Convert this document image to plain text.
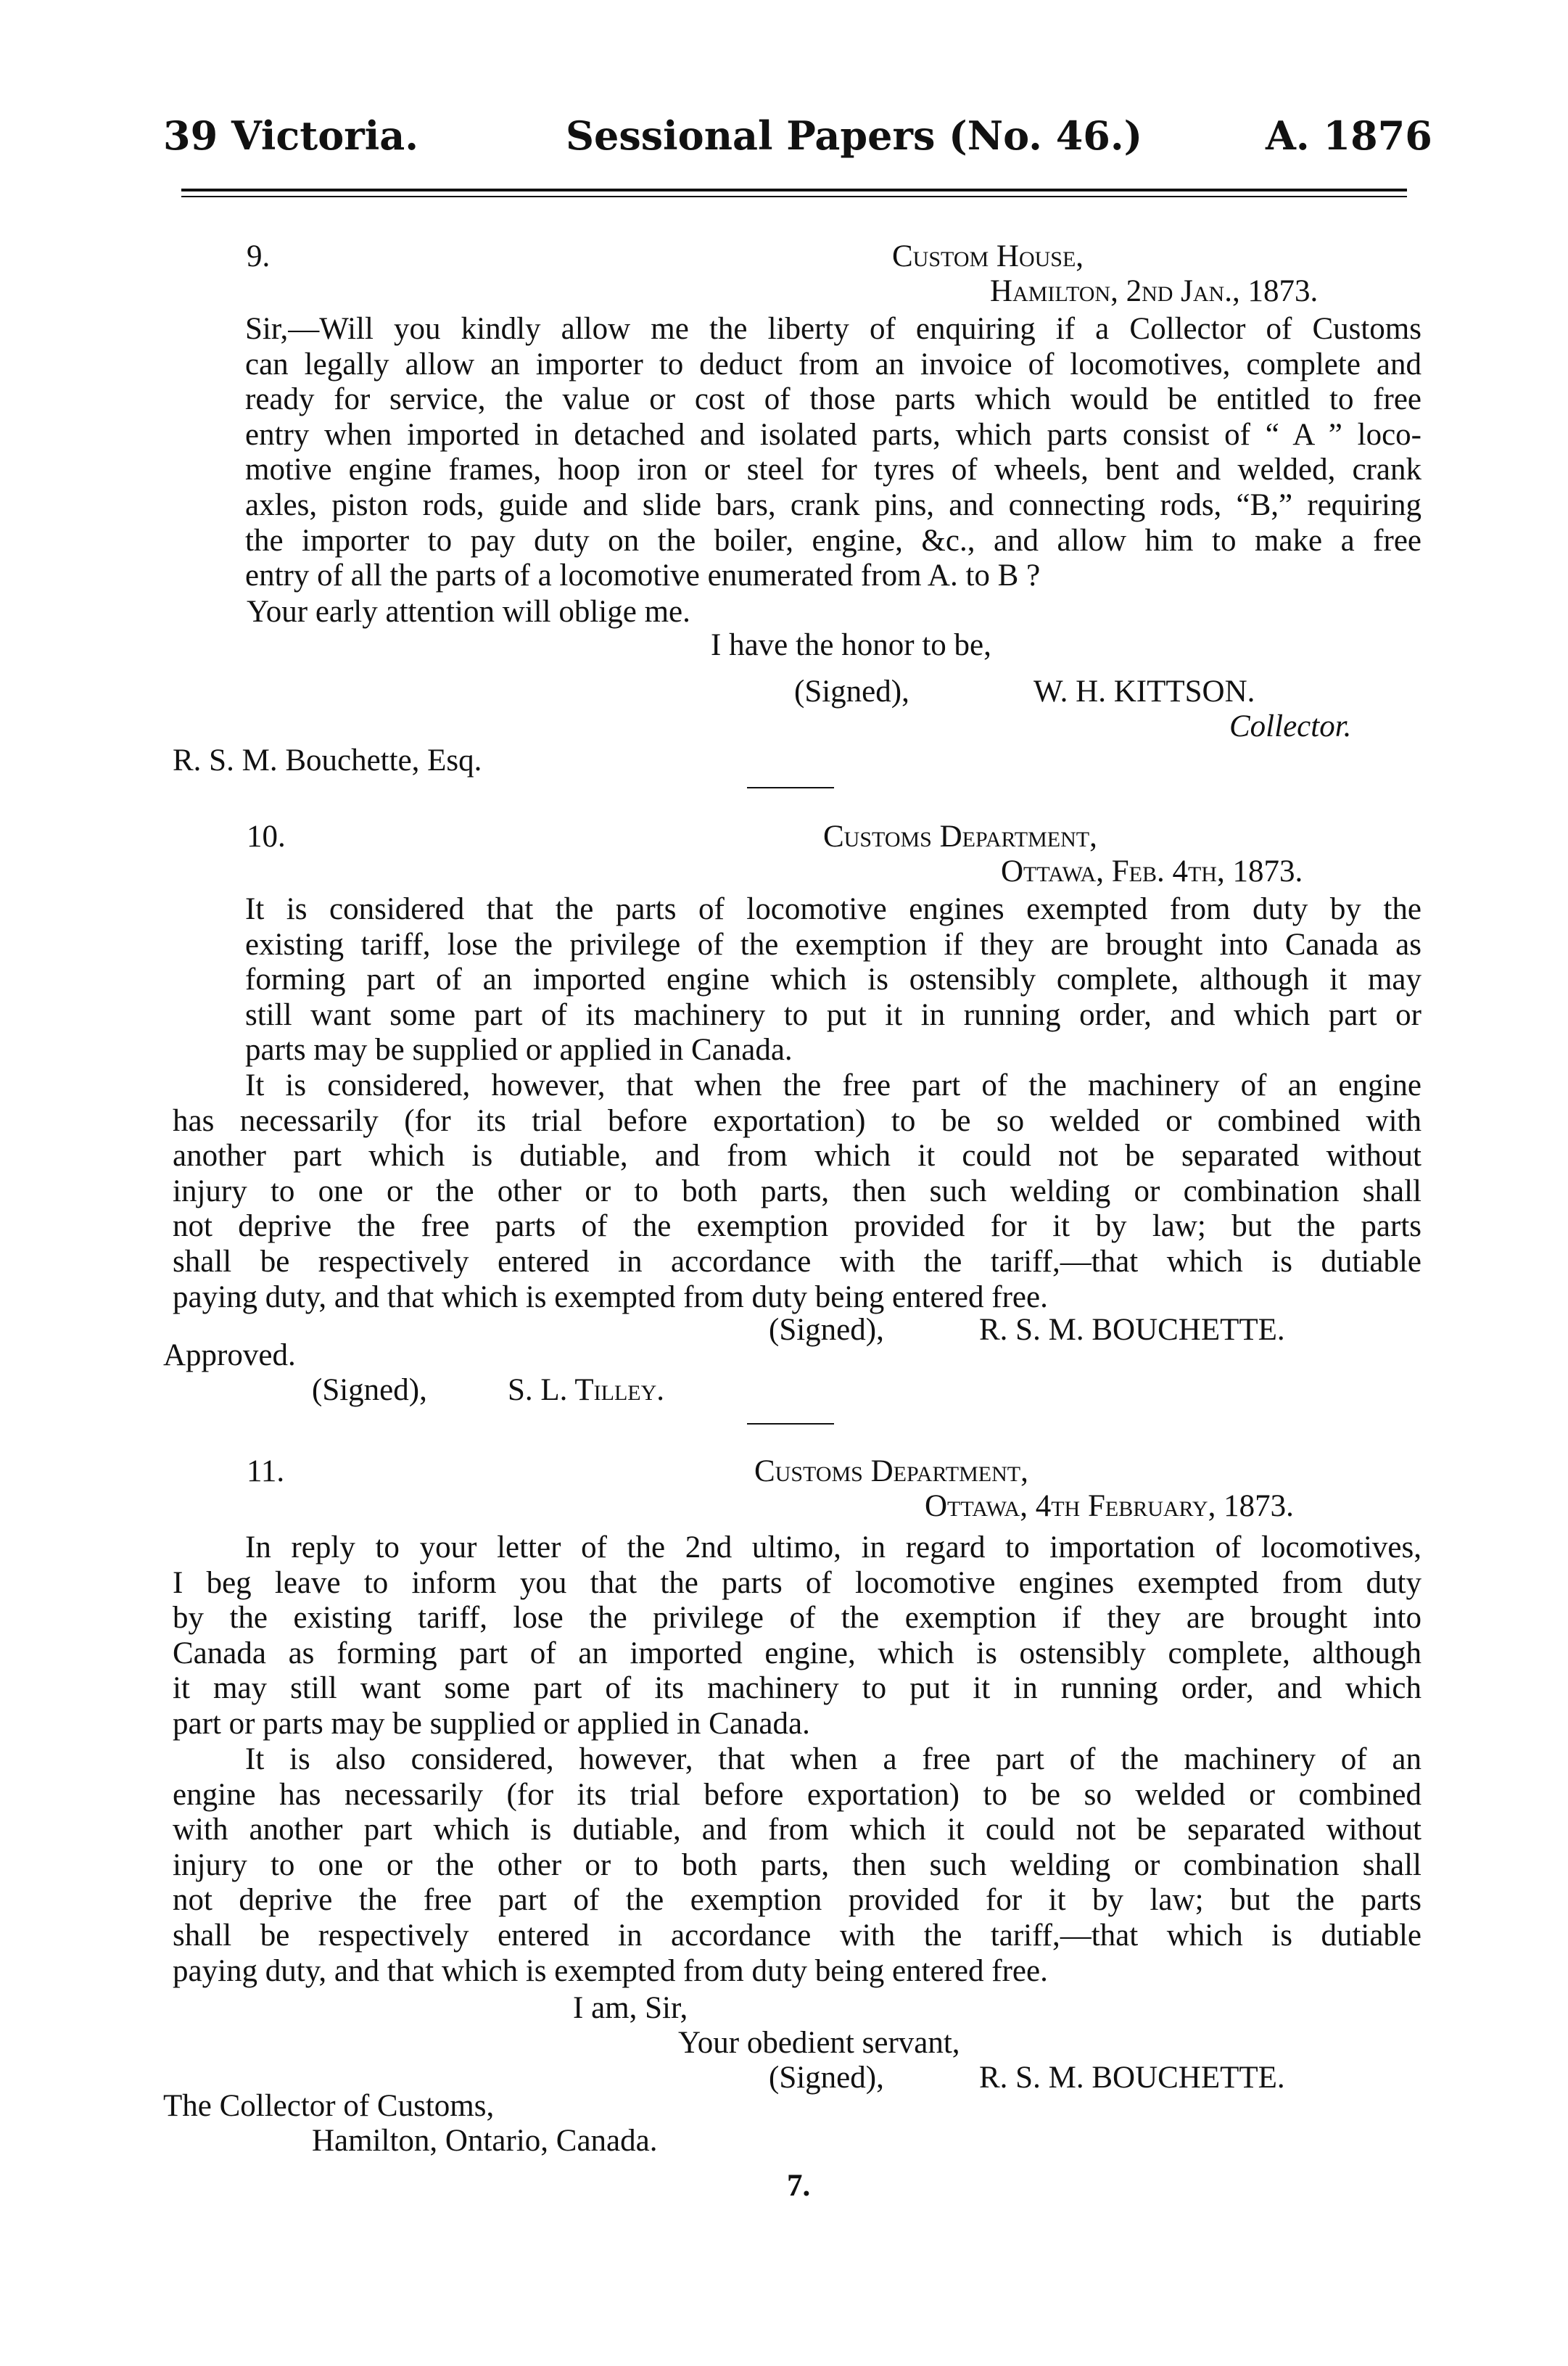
39 Victoria.	Sessional Papers (No. 46.)	A. 1876
9.	Custom House,
Hamilton, 2nd Jan., 1873.
Sir,—Will you kindly allow me the liberty of enquiring if a Collector of Customs
can legally allow an importer to deduct from an invoice of locomotives, complete and
ready for service, the value or cost of those parts which would be entitled to free
entry when imported in detached and isolated parts, which parts consist of “ A ” loco-
motive engine frames, hoop iron or steel for tyres of wheels, bent and welded, crank
axles, piston rods, guide and slide bars, crank pins, and connecting rods, “B,” requiring
the importer to pay duty on the boiler, engine, &c., and allow him to make a free
entry of all the parts of a locomotive enumerated from A. to B ?
Your early attention will oblige me.
I have the honor to be,
(Signed),	W. H. KITTSON.
Collector.
R. S. M. Bouchette, Esq.
10.	Customs Department,
Ottawa, Feb. 4th, 1873.
It is considered that the parts of locomotive engines exempted from duty by the
existing tariff, lose the privilege of the exemption if they are brought into Canada as
forming part of an imported engine which is ostensibly complete, although it may
still want some part of its machinery to put it in running order, and which part or
parts may be supplied or applied in Canada.
It is considered, however, that when the free part of the machinery of an engine
has necessarily (for its trial before exportation) to be so welded or combined with
another part which is dutiable, and from which it could not be separated without
injury to one or the other or to both parts, then such welding or combination shall
not deprive the free parts of the exemption provided for it by law; but the parts
shall be respectively entered in accordance with the tariff,—that which is dutiable
paying duty, and that which is exempted from duty being entered free.
(Signed),	R. S. M. BOUCHETTE.
Approved.
(Signed),	S. L. Tilley.
11.	Customs Department,
Ottawa, 4th February, 1873.
In reply to your letter of the 2nd ultimo, in regard to importation of locomotives,
I beg leave to inform you that the parts of locomotive engines exempted from duty
by the existing tariff, lose the privilege of the exemption if they are brought into
Canada as forming part of an imported engine, which is ostensibly complete, although
it may still want some part of its machinery to put it in running order, and which
part or parts may be supplied or applied in Canada.
It is also considered, however, that when a free part of the machinery of an
engine has necessarily (for its trial before exportation) to be so welded or combined
with another part which is dutiable, and from which it could not be separated without
injury to one or the other or to both parts, then such welding or combination shall
not deprive the free part of the exemption provided for it by law; but the parts
shall be respectively entered in accordance with the tariff,—that which is dutiable
paying duty, and that which is exempted from duty being entered free.
I am, Sir,
Your obedient servant,
(Signed),	R. S. M. BOUCHETTE.
The Collector of Customs,
Hamilton, Ontario, Canada.
7.
